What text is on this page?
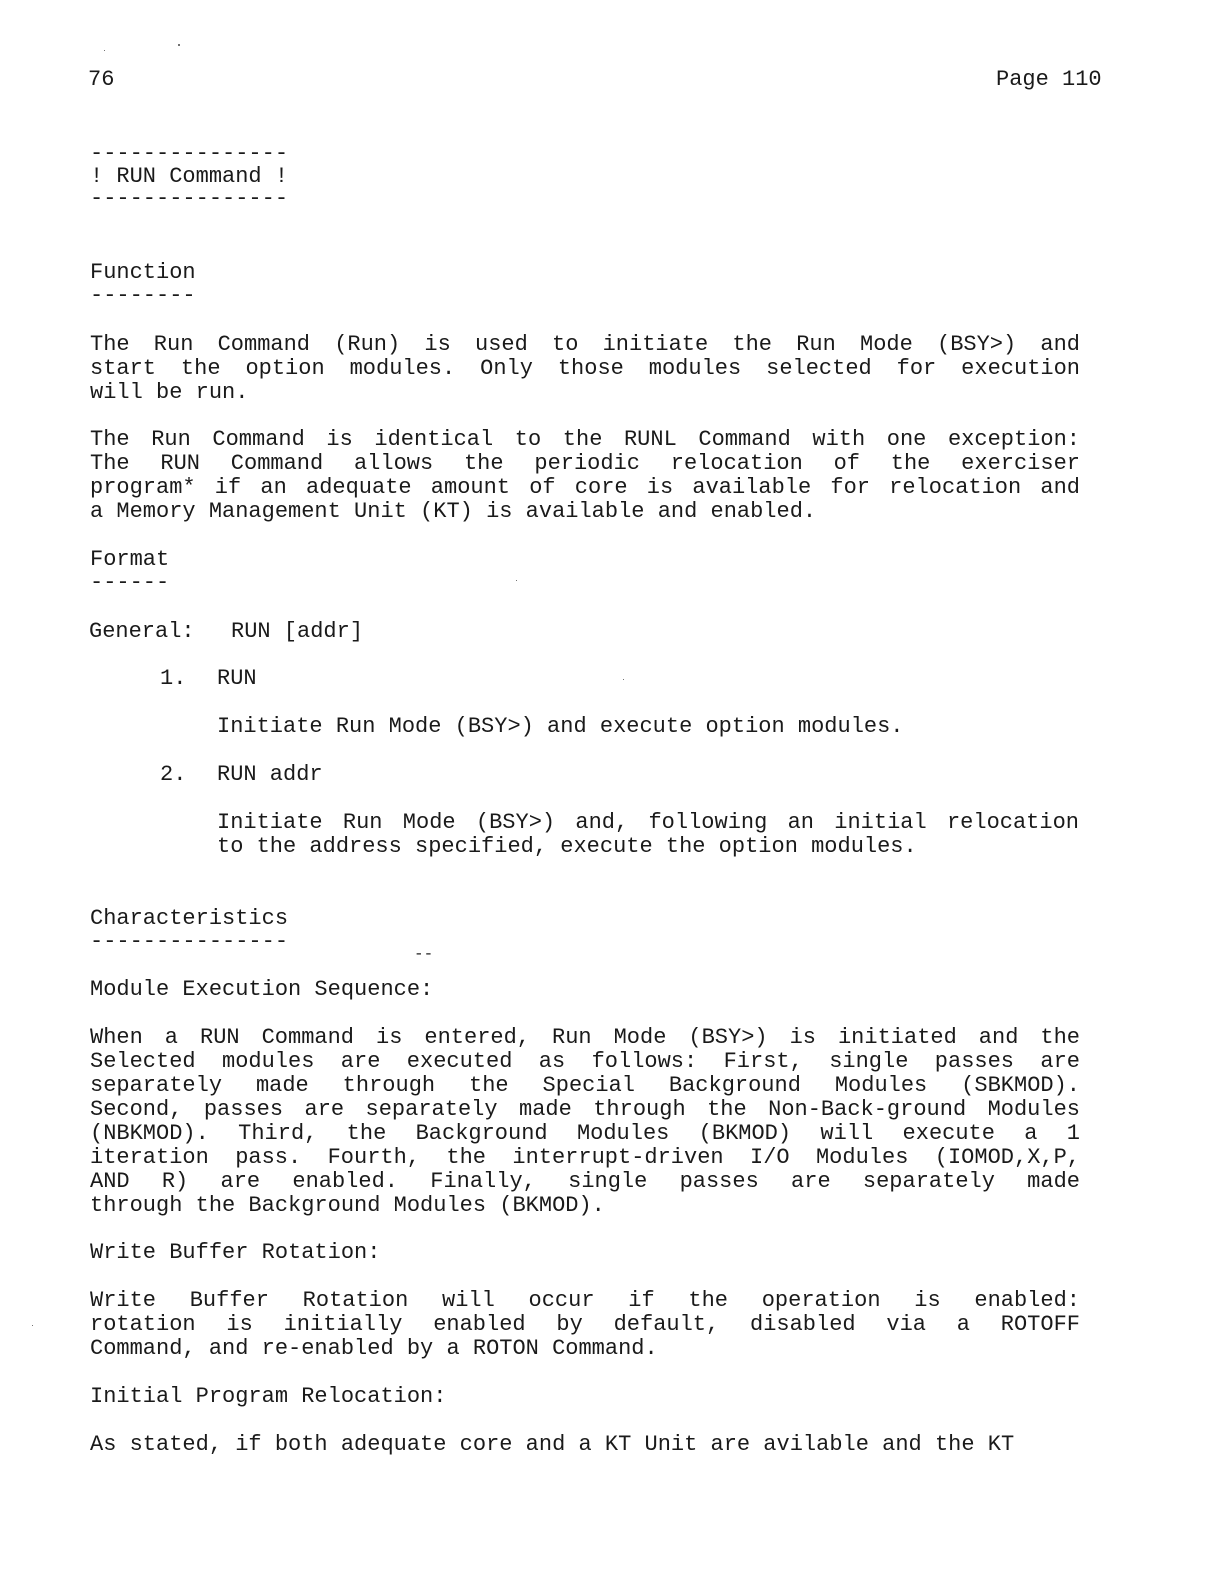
76	Page 110
---------------
! RUN Command !
---------------
Function
--------
The Run Command (Run) is used to initiate the Run Mode (BSY>) and
start the option modules. Only those modules selected for execution
will be run.
The Run Command is identical to the RUNL Command with one exception:
The RUN Command allows the periodic relocation of the exerciser
program* if an adequate amount of core is available for relocation and
a Memory Management Unit (KT) is available and enabled.
Format
------
General: RUN [addr]
1. RUN
Initiate Run Mode (BSY>) and execute option modules.
2. RUN addr
Initiate Run Mode (BSY>) and, following an initial relocation
to the address specified, execute the option modules.
Characteristics
---------------	--
Module Execution Sequence:
When a RUN Command is entered, Run Mode (BSY>) is initiated and the
Selected modules are executed as follows: First, single passes are
separately made through the Special Background Modules (SBKMOD).
Second, passes are separately made through the Non-Back-ground Modules
(NBKMOD). Third, the Background Modules (BKMOD) will execute a 1
iteration pass. Fourth, the interrupt-driven I/O Modules (IOMOD,X,P,
AND R) are enabled. Finally, single passes are separately made
through the Background Modules (BKMOD).
Write Buffer Rotation:
Write Buffer Rotation will occur if the operation is enabled:
rotation is initially enabled by default, disabled via a ROTOFF
Command, and re-enabled by a ROTON Command.
Initial Program Relocation:
As stated, if both adequate core and a KT Unit are avilable and the KT
